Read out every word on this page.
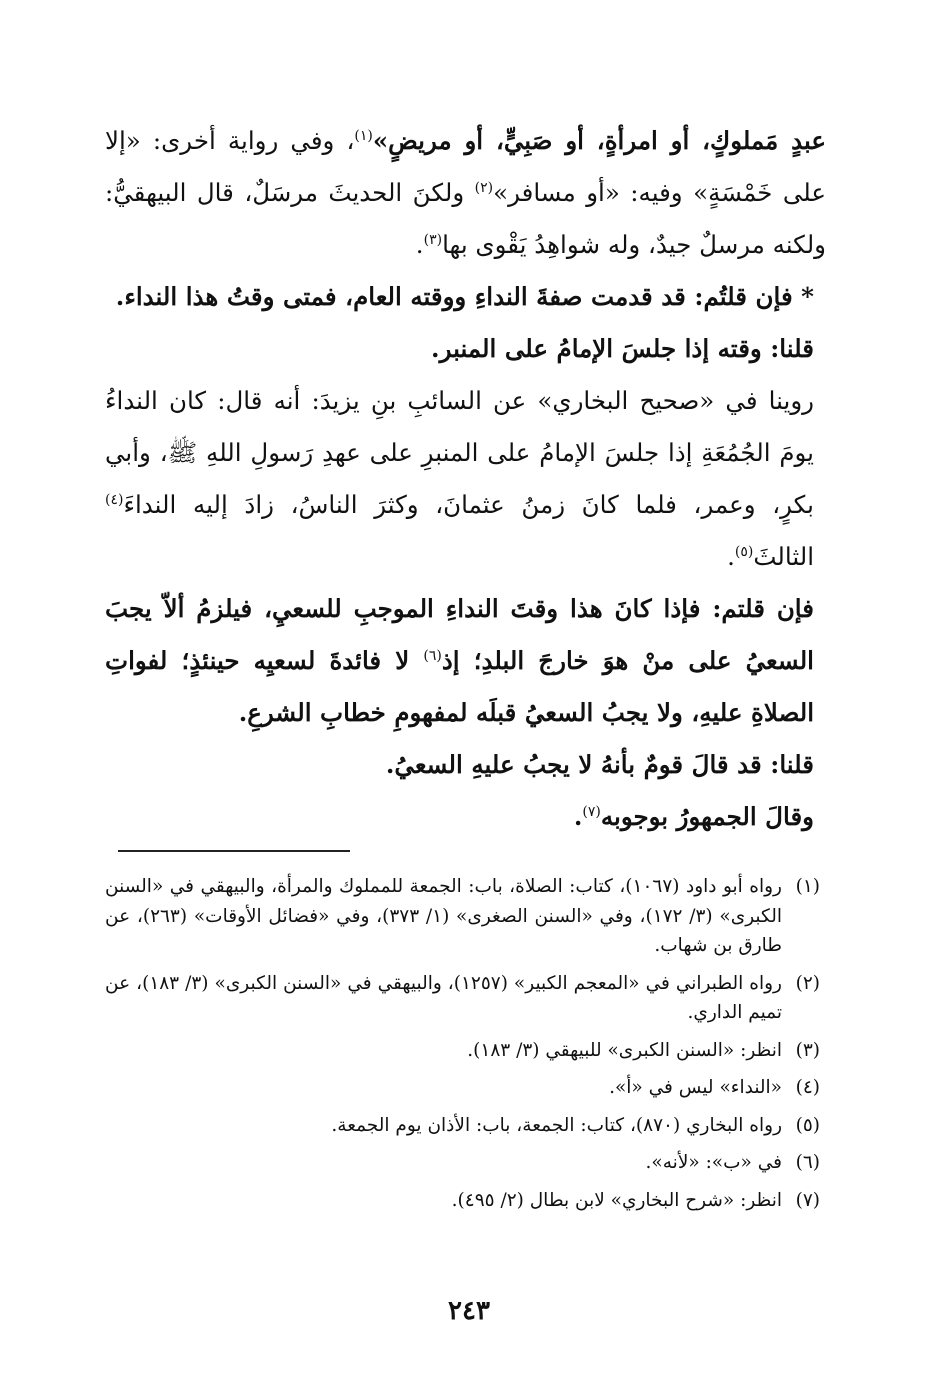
عبدٍ مَملوكٍ، أو امرأةٍ، أو صَبِيٍّ، أو مريضٍ»$^{(١)}$، وفي رواية أخرى: «إلا على خَمْسَةٍ» وفيه: «أو مسافر»$^{(٢)}$ ولكنَ الحديثَ مرسَلٌ، قال البيهقيُّ: ولكنه مرسلٌ جيدٌ، وله شواهِدُ يَقْوى بها$^{(٣)}$.

* فإن قلتُم: قد قدمت صفةَ النداءِ ووقته العام، فمتى وقتُ هذا النداء.

قلنا: وقته إذا جلسَ الإمامُ على المنبر.

روينا في «صحيح البخاري» عن السائبِ بنِ يزيدَ: أنه قال: كان النداءُ يومَ الجُمُعَةِ إذا جلسَ الإمامُ على المنبرِ على عهدِ رَسولِ اللهِ ﷺ، وأبي بكرٍ، وعمر، فلما كانَ زمنُ عثمانَ، وكثرَ الناسُ، زادَ إليه النداءَ$^{(٤)}$ الثالثَ$^{(٥)}$.

فإن قلتم: فإذا كانَ هذا وقتَ النداءِ الموجبِ للسعيِ، فيلزمُ ألاّ يجبَ السعيُ على منْ هوَ خارجَ البلدِ؛ إذ$^{(٦)}$ لا فائدةَ لسعيِه حينئذٍ؛ لفواتِ الصلاةِ عليهِ، ولا يجبُ السعيُ قبلَه لمفهومِ خطابِ الشرعِ.

قلنا: قد قالَ قومٌ بأنهُ لا يجبُ عليهِ السعيُ.

وقالَ الجمهورُ بوجوبه$^{(٧)}$.

(١)
رواه أبو داود (١٠٦٧)، كتاب: الصلاة، باب: الجمعة للمملوك والمرأة، والبيهقي في «السنن الكبرى» (٣/ ١٧٢)، وفي «السنن الصغرى» (١/ ٣٧٣)، وفي «فضائل الأوقات» (٢٦٣)، عن طارق بن شهاب.
(٢)
رواه الطبراني في «المعجم الكبير» (١٢٥٧)، والبيهقي في «السنن الكبرى» (٣/ ١٨٣)، عن تميم الداري.
(٣)
انظر: «السنن الكبرى» للبيهقي (٣/ ١٨٣).
(٤)
«النداء» ليس في «أ».
(٥)
رواه البخاري (٨٧٠)، كتاب: الجمعة، باب: الأذان يوم الجمعة.
(٦)
في «ب»: «لأنه».
(٧)
انظر: «شرح البخاري» لابن بطال (٢/ ٤٩٥).
٢٤٣
